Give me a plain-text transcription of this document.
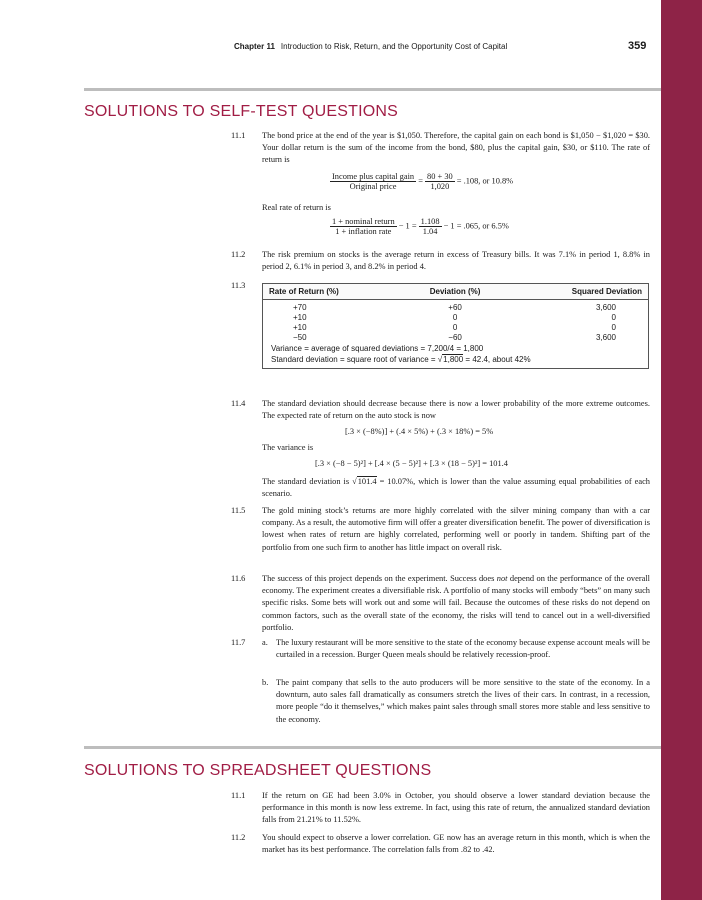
Chapter 11 Introduction to Risk, Return, and the Opportunity Cost of Capital	359
SOLUTIONS TO SELF-TEST QUESTIONS
11.1 The bond price at the end of the year is $1,050. Therefore, the capital gain on each bond is $1,050 − $1,020 = $30. Your dollar return is the sum of the income from the bond, $80, plus the capital gain, $30, or $110. The rate of return is
$\frac{\text{Income plus capital gain}}{\text{Original price}} = \frac{80 + 30}{1,020} = .108$, or 10.8%
Real rate of return is
$\frac{\text{1 + nominal return}}{\text{1 + inflation rate}} - 1 = \frac{1.108}{1.04} - 1 = .065$, or 6.5%
11.2 The risk premium on stocks is the average return in excess of Treasury bills. It was 7.1% in period 1, 8.8% in period 2, 6.1% in period 3, and 8.2% in period 4.
11.3
Rate of Return (%)	Deviation (%)	Squared Deviation

+70	+60	3,600
+10	0	0
+10	0	0
−50	−60	3,600
Variance = average of squared deviations = 7,200/4 = 1,800		
Standard deviation = square root of variance = √1,800 = 42.4, about 42%		
11.4 The standard deviation should decrease because there is now a lower probability of the more extreme outcomes. The expected rate of return on the auto stock is now
[.3 × (−8%)] + (.4 × 5%) + (.3 × 18%) = 5%
The variance is
[.3 × (−8 − 5)²] + [.4 × (5 − 5)²] + [.3 × (18 − 5)²] = 101.4
The standard deviation is √101.4 = 10.07%, which is lower than the value assuming equal probabilities of each scenario.
11.5 The gold mining stock’s returns are more highly correlated with the silver mining company than with a car company. As a result, the automotive firm will offer a greater diversification benefit. The power of diversification is lowest when rates of return are highly correlated, performing well or poorly in tandem. Shifting part of the portfolio from one such firm to another has little impact on overall risk.
11.6 The success of this project depends on the experiment. Success does not depend on the performance of the overall economy. The experiment creates a diversifiable risk. A portfolio of many stocks will embody “bets” on many such specific risks. Some bets will work out and some will fail. Because the outcomes of these risks do not depend on common factors, such as the overall state of the economy, the risks will tend to cancel out in a well-diversified portfolio.
11.7 a. The luxury restaurant will be more sensitive to the state of the economy because expense account meals will be curtailed in a recession. Burger Queen meals should be relatively recession-proof.
b. The paint company that sells to the auto producers will be more sensitive to the state of the economy. In a downturn, auto sales fall dramatically as consumers stretch the lives of their cars. In contrast, in a recession, more people “do it themselves,” which makes paint sales through small stores more stable and less sensitive to the economy.
SOLUTIONS TO SPREADSHEET QUESTIONS
11.1 If the return on GE had been 3.0% in October, you should observe a lower standard deviation because the performance in this month is now less extreme. In fact, using this rate of return, the annualized standard deviation falls from 21.21% to 11.52%.
11.2 You should expect to observe a lower correlation. GE now has an average return in this month, which is when the market has its best performance. The correlation falls from .82 to .42.
